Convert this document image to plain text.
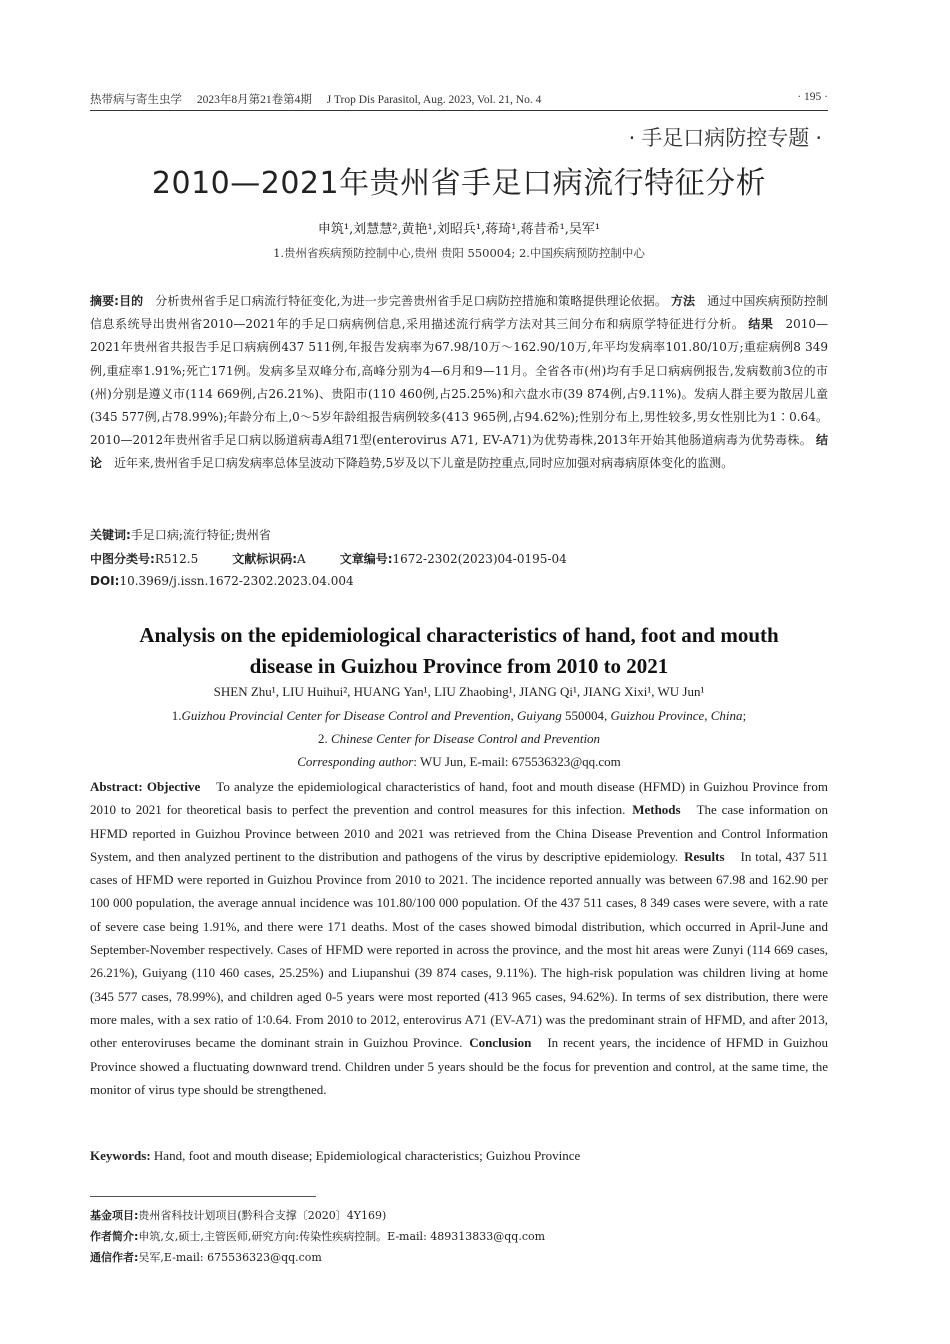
热带病与寄生虫学 2023年8月第21卷第4期 J Trop Dis Parasitol, Aug. 2023, Vol. 21, No. 4	· 195 ·
· 手足口病防控专题 ·
2010—2021年贵州省手足口病流行特征分析
申筑¹,刘慧慧²,黄艳¹,刘昭兵¹,蒋琦¹,蒋昔希¹,吴军¹
1.贵州省疾病预防控制中心,贵州 贵阳 550004; 2.中国疾病预防控制中心
摘要:目的 分析贵州省手足口病流行特征变化,为进一步完善贵州省手足口病防控措施和策略提供理论依据。 方法 通过中国疾病预防控制信息系统导出贵州省2010—2021年的手足口病病例信息,采用描述流行病学方法对其三间分布和病原学特征进行分析。 结果 2010—2021年贵州省共报告手足口病病例437 511例,年报告发病率为67.98/10万～162.90/10万,年平均发病率101.80/10万;重症病例8 349例,重症率1.91%;死亡171例。发病多呈双峰分布,高峰分别为4—6月和9—11月。全省各市(州)均有手足口病病例报告,发病数前3位的市(州)分别是遵义市(114 669例,占26.21%)、贵阳市(110 460例,占25.25%)和六盘水市(39 874例,占9.11%)。发病人群主要为散居儿童(345 577例,占78.99%);年龄分布上,0～5岁年龄组报告病例较多(413 965例,占94.62%);性别分布上,男性较多,男女性别比为1∶0.64。2010—2012年贵州省手足口病以肠道病毒A组71型(enterovirus A71, EV-A71)为优势毒株,2013年开始其他肠道病毒为优势毒株。 结论 近年来,贵州省手足口病发病率总体呈波动下降趋势,5岁及以下儿童是防控重点,同时应加强对病毒病原体变化的监测。
关键词:手足口病;流行特征;贵州省
中图分类号:R512.5	文献标识码:A	文章编号:1672-2302(2023)04-0195-04
DOI:10.3969/j.issn.1672-2302.2023.04.004
Analysis on the epidemiological characteristics of hand, foot and mouth
disease in Guizhou Province from 2010 to 2021
SHEN Zhu¹, LIU Huihui², HUANG Yan¹, LIU Zhaobing¹, JIANG Qi¹, JIANG Xixi¹, WU Jun¹
1.Guizhou Provincial Center for Disease Control and Prevention, Guiyang 550004, Guizhou Province, China;
2. Chinese Center for Disease Control and Prevention
Corresponding author: WU Jun, E-mail: 675536323@qq.com
Abstract: Objective To analyze the epidemiological characteristics of hand, foot and mouth disease (HFMD) in Guizhou Province from 2010 to 2021 for theoretical basis to perfect the prevention and control measures for this infection. Methods The case information on HFMD reported in Guizhou Province between 2010 and 2021 was retrieved from the China Disease Prevention and Control Information System, and then analyzed pertinent to the distribution and pathogens of the virus by descriptive epidemiology. Results In total, 437 511 cases of HFMD were reported in Guizhou Province from 2010 to 2021. The incidence reported annually was between 67.98 and 162.90 per 100 000 population, the average annual incidence was 101.80/100 000 population. Of the 437 511 cases, 8 349 cases were severe, with a rate of severe case being 1.91%, and there were 171 deaths. Most of the cases showed bimodal distribution, which occurred in April-June and September-November respectively. Cases of HFMD were reported in across the province, and the most hit areas were Zunyi (114 669 cases, 26.21%), Guiyang (110 460 cases, 25.25%) and Liupanshui (39 874 cases, 9.11%). The high-risk population was children living at home (345 577 cases, 78.99%), and children aged 0-5 years were most reported (413 965 cases, 94.62%). In terms of sex distribution, there were more males, with a sex ratio of 1∶0.64. From 2010 to 2012, enterovirus A71 (EV-A71) was the predominant strain of HFMD, and after 2013, other enteroviruses became the dominant strain in Guizhou Province. Conclusion In recent years, the incidence of HFMD in Guizhou Province showed a fluctuating downward trend. Children under 5 years should be the focus for prevention and control, at the same time, the monitor of virus type should be strengthened.
Keywords: Hand, foot and mouth disease; Epidemiological characteristics; Guizhou Province
基金项目:贵州省科技计划项目(黔科合支撑〔2020〕4Y169)
作者简介:申筑,女,硕士,主管医师,研究方向:传染性疾病控制。E-mail: 489313833@qq.com
通信作者:吴军,E-mail: 675536323@qq.com
